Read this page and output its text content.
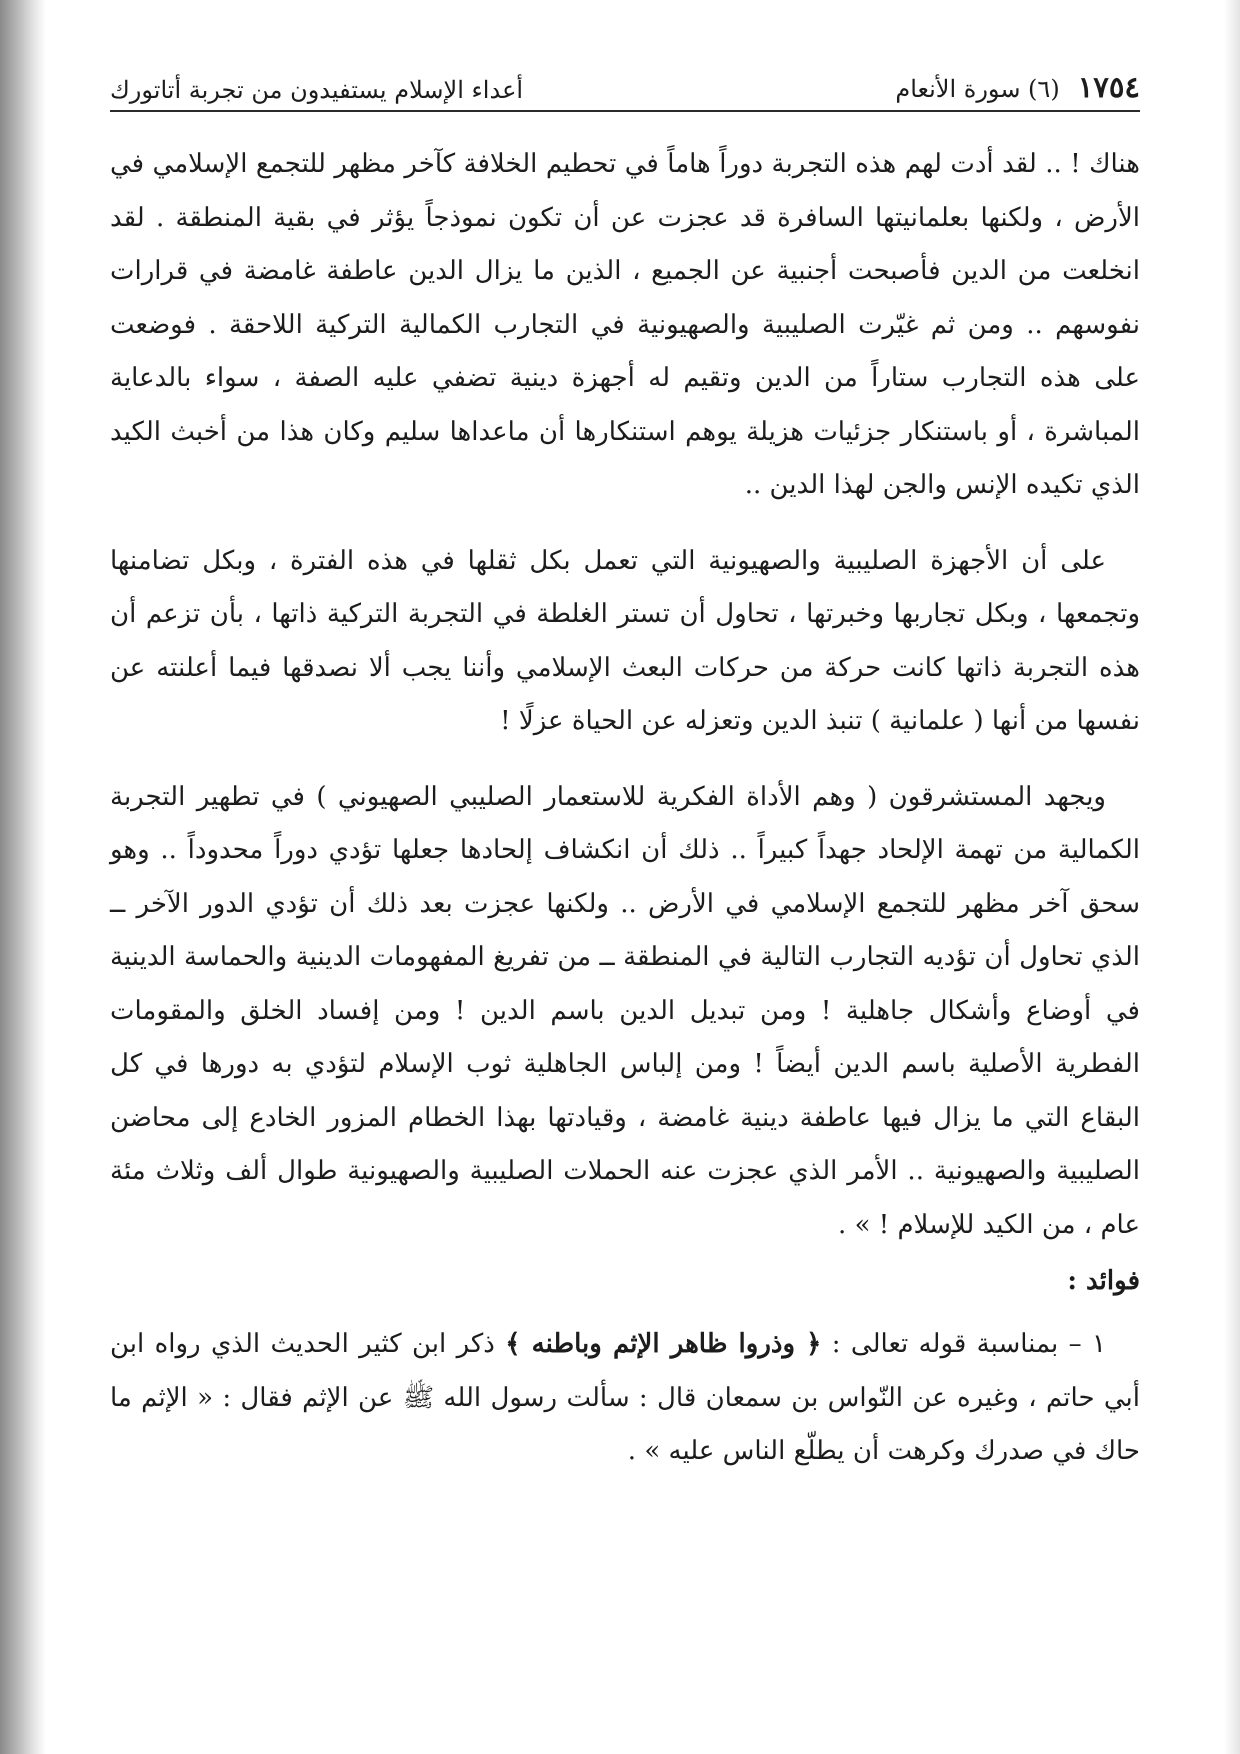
١٧٥٤
(٦) سورة الأنعام
أعداء الإسلام يستفيدون من تجربة أتاتورك

هناك ! .. لقد أدت لهم هذه التجربة دوراً هاماً في تحطيم الخلافة كآخر مظهر للتجمع الإسلامي في الأرض ، ولكنها بعلمانيتها السافرة قد عجزت عن أن تكون نموذجاً يؤثر في بقية المنطقة . لقد انخلعت من الدين فأصبحت أجنبية عن الجميع ، الذين ما يزال الدين عاطفة غامضة في قرارات نفوسهم .. ومن ثم غيّرت الصليبية والصهيونية في التجارب الكمالية التركية اللاحقة . فوضعت على هذه التجارب ستاراً من الدين وتقيم له أجهزة دينية تضفي عليه الصفة ، سواء بالدعاية المباشرة ، أو باستنكار جزئيات هزيلة يوهم استنكارها أن ماعداها سليم وكان هذا من أخبث الكيد الذي تكيده الإنس والجن لهذا الدين ..

على أن الأجهزة الصليبية والصهيونية التي تعمل بكل ثقلها في هذه الفترة ، وبكل تضامنها وتجمعها ، وبكل تجاربها وخبرتها ، تحاول أن تستر الغلطة في التجربة التركية ذاتها ، بأن تزعم أن هذه التجربة ذاتها كانت حركة من حركات البعث الإسلامي وأننا يجب ألا نصدقها فيما أعلنته عن نفسها من أنها ( علمانية ) تنبذ الدين وتعزله عن الحياة عزلًا !

ويجهد المستشرقون ( وهم الأداة الفكرية للاستعمار الصليبي الصهيوني ) في تطهير التجربة الكمالية من تهمة الإلحاد جهداً كبيراً .. ذلك أن انكشاف إلحادها جعلها تؤدي دوراً محدوداً .. وهو سحق آخر مظهر للتجمع الإسلامي في الأرض .. ولكنها عجزت بعد ذلك أن تؤدي الدور الآخر ــ الذي تحاول أن تؤديه التجارب التالية في المنطقة ــ من تفريغ المفهومات الدينية والحماسة الدينية في أوضاع وأشكال جاهلية ! ومن تبديل الدين باسم الدين ! ومن إفساد الخلق والمقومات الفطرية الأصلية باسم الدين أيضاً ! ومن إلباس الجاهلية ثوب الإسلام لتؤدي به دورها في كل البقاع التي ما يزال فيها عاطفة دينية غامضة ، وقيادتها بهذا الخطام المزور الخادع إلى محاضن الصليبية والصهيونية .. الأمر الذي عجزت عنه الحملات الصليبية والصهيونية طوال ألف وثلاث مئة عام ، من الكيد للإسلام ! » .

فوائد :

١ – بمناسبة قوله تعالى : ﴿ وذروا ظاهر الإثم وباطنه ﴾ ذكر ابن كثير الحديث الذي رواه ابن أبي حاتم ، وغيره عن النّواس بن سمعان قال : سألت رسول الله ﷺ عن الإثم فقال : « الإثم ما حاك في صدرك وكرهت أن يطلّع الناس عليه » .
